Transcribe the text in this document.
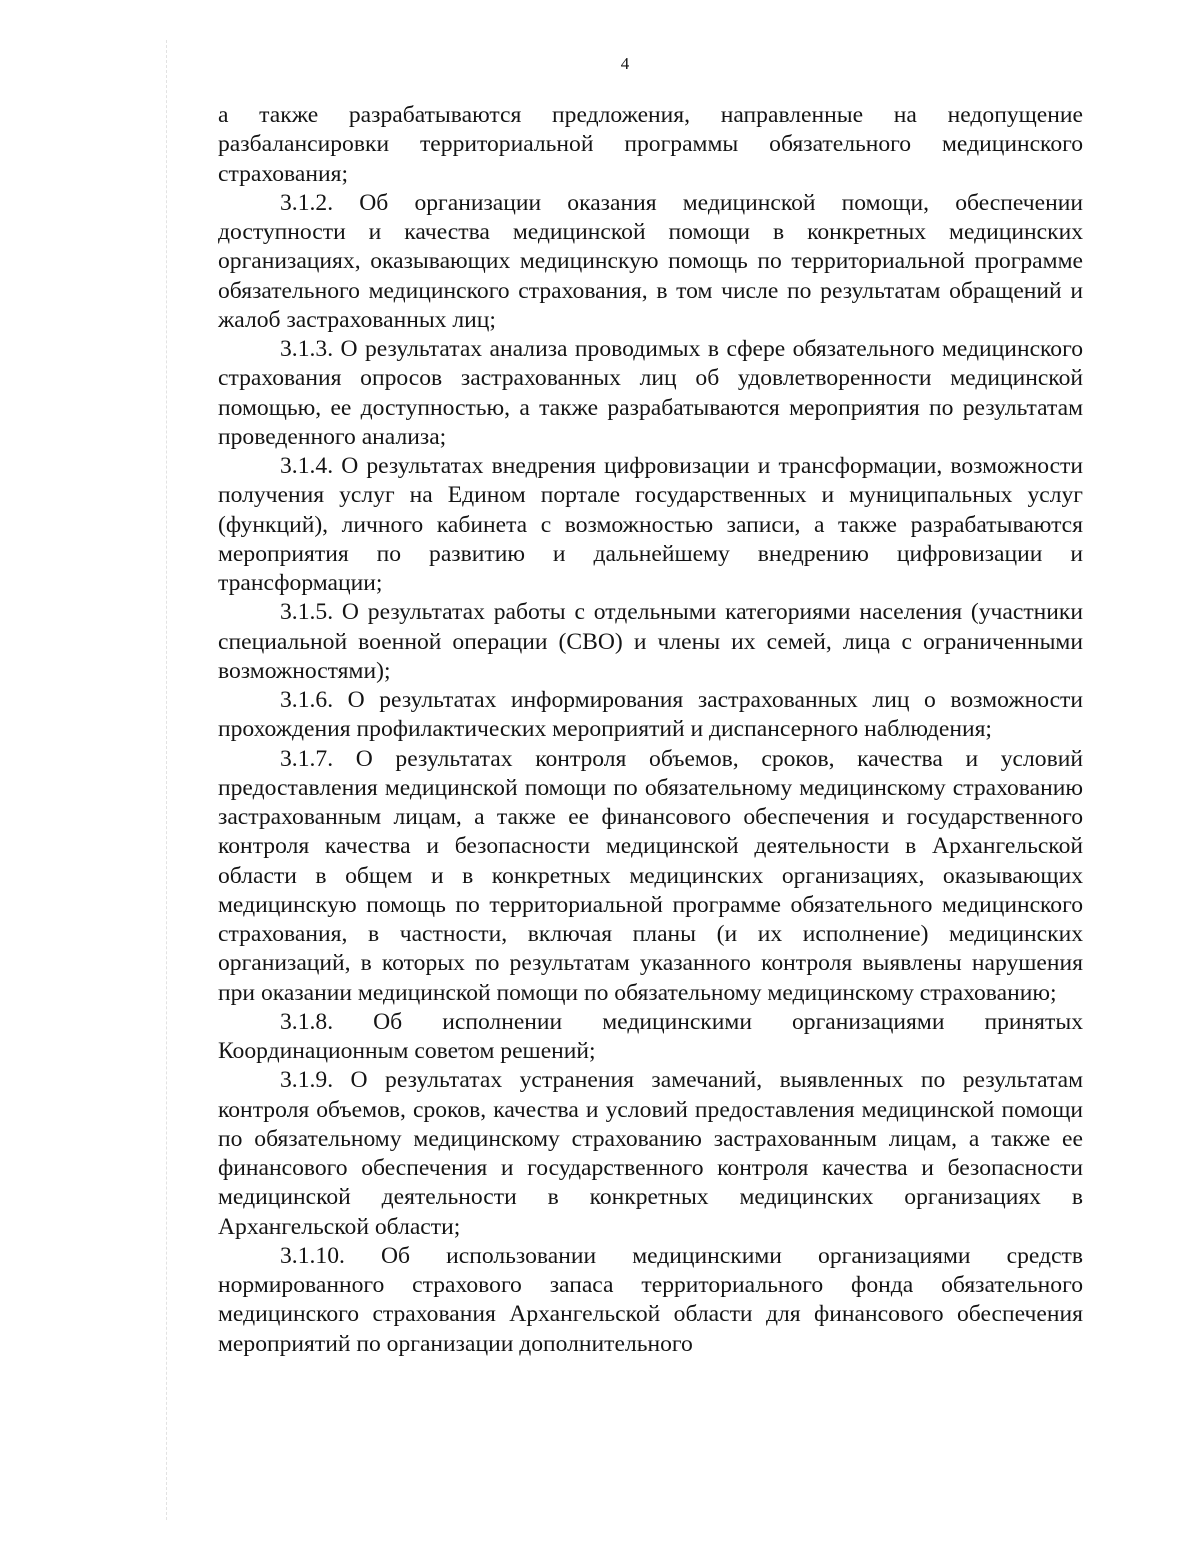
4

а также разрабатываются предложения, направленные на недопущение разбалансировки территориальной программы обязательного медицинского страхования;

3.1.2. Об организации оказания медицинской помощи, обеспечении доступности и качества медицинской помощи в конкретных медицинских организациях, оказывающих медицинскую помощь по территориальной программе обязательного медицинского страхования, в том числе по результатам обращений и жалоб застрахованных лиц;

3.1.3. О результатах анализа проводимых в сфере обязательного медицинского страхования опросов застрахованных лиц об удовлетворенности медицинской помощью, ее доступностью, а также разрабатываются мероприятия по результатам проведенного анализа;

3.1.4. О результатах внедрения цифровизации и трансформации, возможности получения услуг на Едином портале государственных и муниципальных услуг (функций), личного кабинета с возможностью записи, а также разрабатываются мероприятия по развитию и дальнейшему внедрению цифровизации и трансформации;

3.1.5. О результатах работы с отдельными категориями населения (участники специальной военной операции (СВО) и члены их семей, лица с ограниченными возможностями);

3.1.6. О результатах информирования застрахованных лиц о возможности прохождения профилактических мероприятий и диспансерного наблюдения;

3.1.7. О результатах контроля объемов, сроков, качества и условий предоставления медицинской помощи по обязательному медицинскому страхованию застрахованным лицам, а также ее финансового обеспечения и государственного контроля качества и безопасности медицинской деятельности в Архангельской области в общем и в конкретных медицинских организациях, оказывающих медицинскую помощь по территориальной программе обязательного медицинского страхования, в частности, включая планы (и их исполнение) медицинских организаций, в которых по результатам указанного контроля выявлены нарушения при оказании медицинской помощи по обязательному медицинскому страхованию;

3.1.8. Об исполнении медицинскими организациями принятых Координационным советом решений;

3.1.9. О результатах устранения замечаний, выявленных по результатам контроля объемов, сроков, качества и условий предоставления медицинской помощи по обязательному медицинскому страхованию застрахованным лицам, а также ее финансового обеспечения и государственного контроля качества и безопасности медицинской деятельности в конкретных медицинских организациях в Архангельской области;

3.1.10. Об использовании медицинскими организациями средств нормированного страхового запаса территориального фонда обязательного медицинского страхования Архангельской области для финансового обеспечения мероприятий по организации дополнительного
